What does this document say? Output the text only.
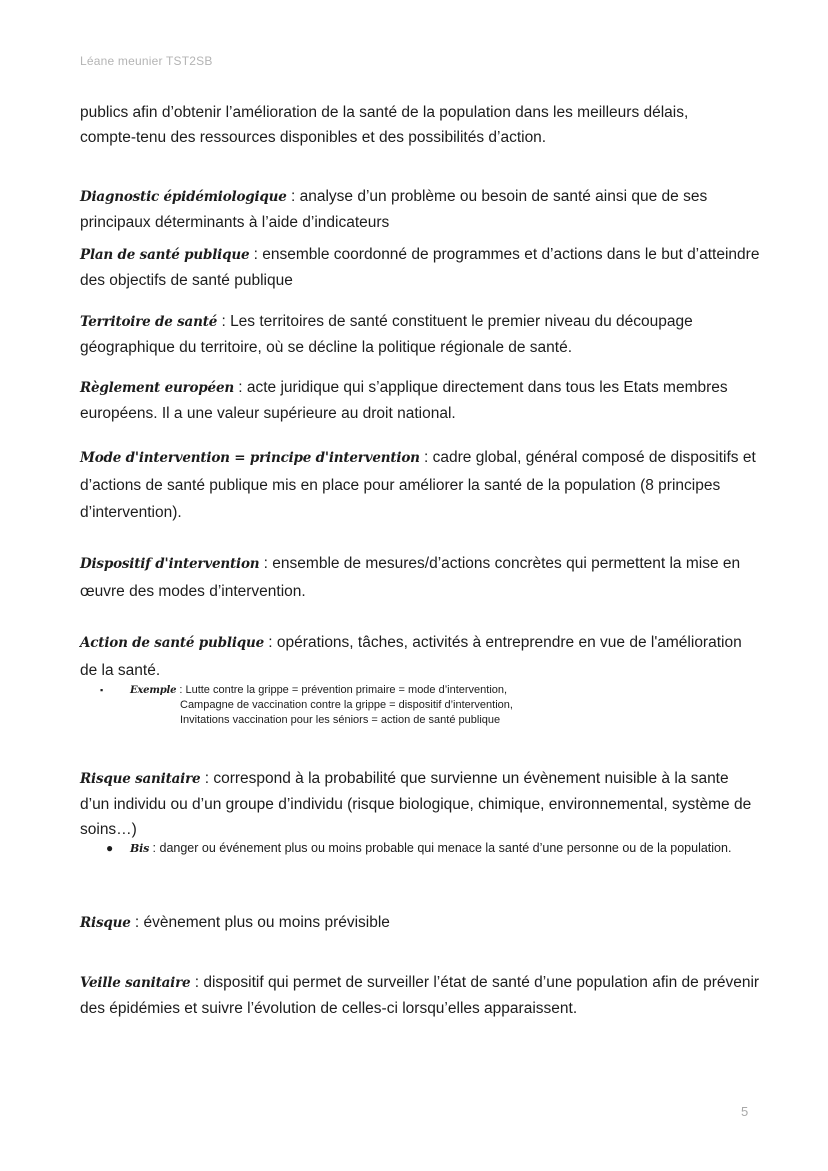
Léane meunier TST2SB
publics afin d’obtenir l’amélioration de la santé de la population dans les meilleurs délais,
compte-tenu des ressources disponibles et des possibilités d’action.
Diagnostic épidémiologique : analyse d’un problème ou besoin de santé ainsi que de ses principaux déterminants à l’aide d’indicateurs
Plan de santé publique : ensemble coordonné de programmes et d’actions dans le but d’atteindre des objectifs de santé publique
Territoire de santé : Les territoires de santé constituent le premier niveau du découpage géographique du territoire, où se décline la politique régionale de santé.
Règlement européen : acte juridique qui s’applique directement dans tous les Etats membres européens. Il a une valeur supérieure au droit national.
Mode d'intervention = principe d'intervention : cadre global, général composé de dispositifs et d’actions de santé publique mis en place pour améliorer la santé de la population (8 principes d’intervention).
Dispositif d'intervention : ensemble de mesures/d’actions concrètes qui permettent la mise en œuvre des modes d’intervention.
Action de santé publique : opérations, tâches, activités à entreprendre en vue de l'amélioration de la santé.
▪	Exemple : Lutte contre la grippe = prévention primaire = mode d’intervention,
Campagne de vaccination contre la grippe = dispositif d’intervention,
Invitations vaccination pour les séniors = action de santé publique
Risque sanitaire : correspond à la probabilité que survienne un évènement nuisible à la sante d’un individu ou d’un groupe d’individu (risque biologique, chimique, environnemental, système de soins…)
●	Bis : danger ou événement plus ou moins probable qui menace la santé d’une personne ou de la population.
Risque : évènement plus ou moins prévisible
Veille sanitaire : dispositif qui permet de surveiller l’état de santé d’une population afin de prévenir des épidémies et suivre l’évolution de celles-ci lorsqu’elles apparaissent.
5
